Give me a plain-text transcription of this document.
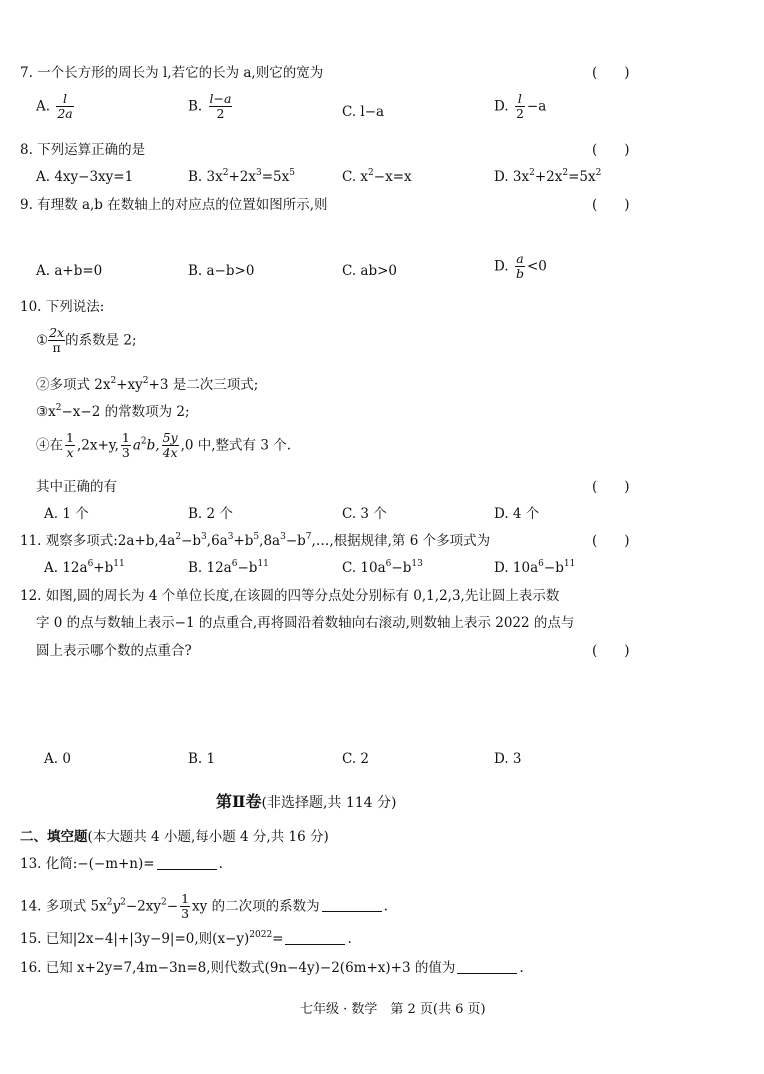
7. 一个长方形的周长为 l,若它的长为 a,则它的宽为	(　　)
A. $\frac{l}{2a}$	B. $\frac{l-a}{2}$	C. l−a	D. $\frac{l}{2} -a$
8. 下列运算正确的是	(　　)
A. 4xy−3xy=1	B. $3x^2+2x^3=5x^5$	C. $x^2-x=x$	D. $3x^2+2x^2=5x^2$
9. 有理数 a,b 在数轴上的对应点的位置如图所示,则	(　　)
A. a+b=0	B. a−b>0	C. ab>0	D. $\frac{a}{b} <0$
10. 下列说法:
① $\frac{2x}{\pi}$ 的系数是 2;
②多项式 $2x^2+xy^2+3$ 是二次三项式;
$③x^2-x-2$ 的常数项为 2;
④在 $\frac{1}{x} ,2x+y$, $\frac{1}{3} a^2b$, $\frac{5y}{4x} ,0$ 中,整式有 3 个.
其中正确的有	(　　)
A. 1 个	B. 2 个	C. 3 个	D. 4 个
11. 观察多项式$:2a+b,4a^2-b^3,6a^3+b^5,8a^3-b^7,\dots$,根据规律,第 6 个多项式为	(　　)
A. $12a^6+b^{11}$	B. $12a^6-b^{11}$	C. $10a^6-b^{13}$	D. $10a^6-b^{11}$
12. 如图,圆的周长为 4 个单位长度,在该圆的四等分点处分别标有 0,1,2,3,先让圆上表示数
字 0 的点与数轴上表示−1 的点重合,再将圆沿着数轴向右滚动,则数轴上表示 2022 的点与
圆上表示哪个数的点重合?	(　　)
A. 0	B. 1	C. 2	D. 3
第Ⅱ卷(非选择题,共 114 分)
二、填空题(本大题共 4 小题,每小题 4 分,共 16 分)
13. 化简:−(−m+n)=	.
14. 多项式 $5x^2y^2-2xy^2- \frac{1}{3}$ xy 的二次项的系数为	.
15. 已知|2x−4|+|3y−9|=0,则$(x-y)^{2022}=$	.
16. 已知 x+2y=7,4m−3n=8,则代数式(9n−4y)−2(6m+x)+3 的值为	.
七年级 · 数学　第 2 页(共 6 页)
